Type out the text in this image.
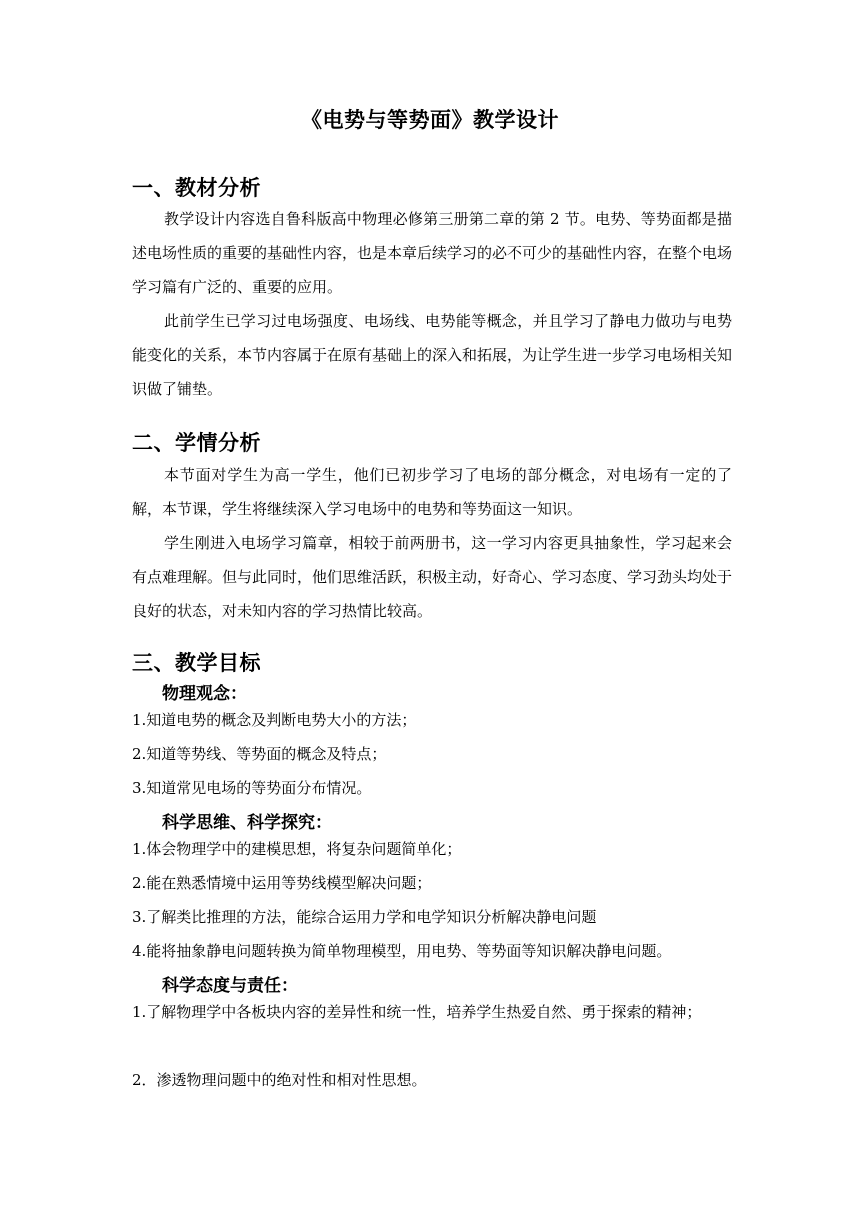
《电势与等势面》教学设计
一、教材分析
教学设计内容选自鲁科版高中物理必修第三册第二章的第 2 节。电势、等势面都是描述电场性质的重要的基础性内容，也是本章后续学习的必不可少的基础性内容，在整个电场学习篇有广泛的、重要的应用。
此前学生已学习过电场强度、电场线、电势能等概念，并且学习了静电力做功与电势能变化的关系，本节内容属于在原有基础上的深入和拓展，为让学生进一步学习电场相关知识做了铺垫。
二、学情分析
本节面对学生为高一学生，他们已初步学习了电场的部分概念，对电场有一定的了解，本节课，学生将继续深入学习电场中的电势和等势面这一知识。
学生刚进入电场学习篇章，相较于前两册书，这一学习内容更具抽象性，学习起来会有点难理解。但与此同时，他们思维活跃，积极主动，好奇心、学习态度、学习劲头均处于良好的状态，对未知内容的学习热情比较高。
三、教学目标
物理观念：
1.知道电势的概念及判断电势大小的方法；
2.知道等势线、等势面的概念及特点；
3.知道常见电场的等势面分布情况。
科学思维、科学探究：
1.体会物理学中的建模思想，将复杂问题简单化；
2.能在熟悉情境中运用等势线模型解决问题；
3.了解类比推理的方法，能综合运用力学和电学知识分析解决静电问题
4.能将抽象静电问题转换为简单物理模型，用电势、等势面等知识解决静电问题。
科学态度与责任：
1.了解物理学中各板块内容的差异性和统一性，培养学生热爱自然、勇于探索的精神；
2．渗透物理问题中的绝对性和相对性思想。
